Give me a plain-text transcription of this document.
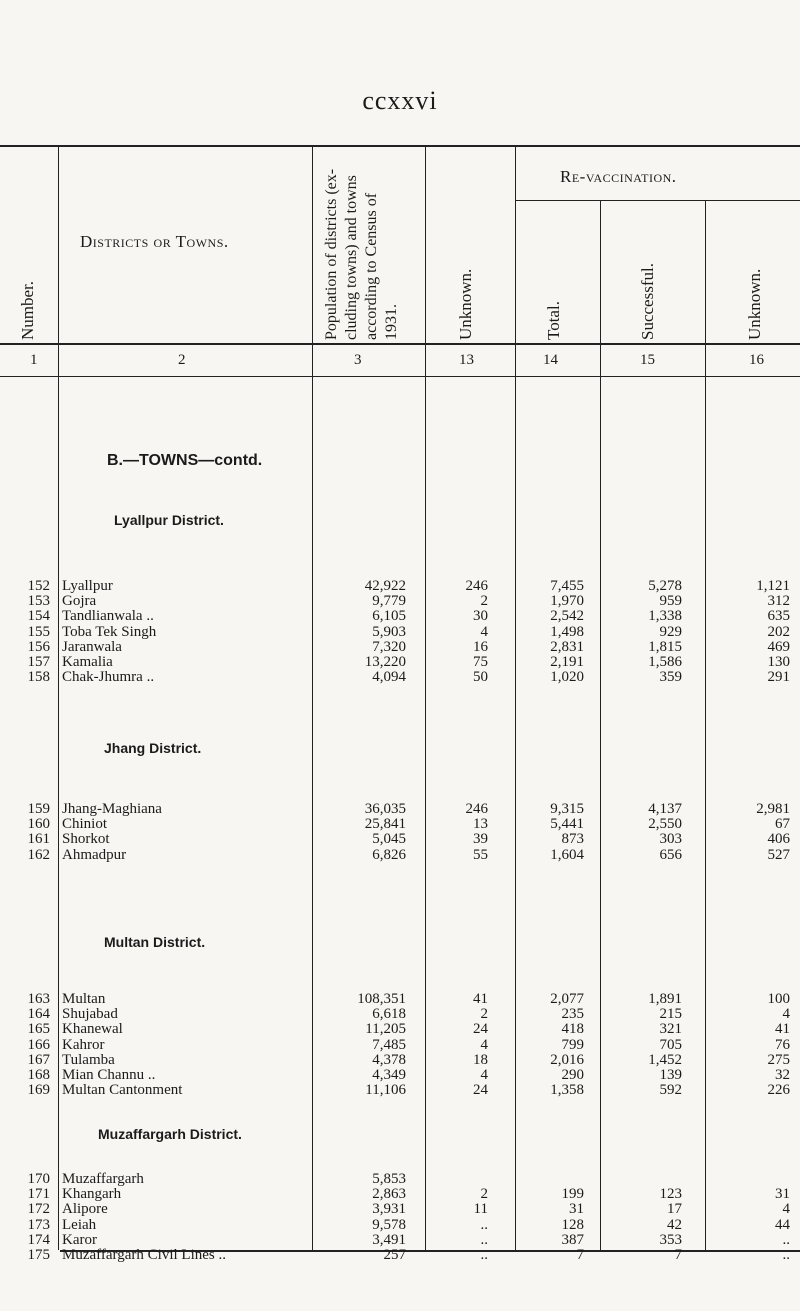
ccxxvi
Number.
Districts or Towns.
Population of districts (ex-
cluding towns) and towns
according to Census of
1931.	Unknown.
Re-vaccination.
Total.	Successful.	Unknown.
1	2	3	13	14	15	16
B.—TOWNS—contd.
Lyallpur District.
152 Lyallpur	42,922	246	7,455	5,278	1,121
153 Gojra	9,779	2	1,970	959	312
154 Tandlianwala ..	6,105	30	2,542	1,338	635
155 Toba Tek Singh	5,903	4	1,498	929	202
156 Jaranwala	7,320	16	2,831	1,815	469
157 Kamalia	13,220	75	2,191	1,586	130
158 Chak-Jhumra ..	4,094	50	1,020	359	291
Jhang District.
159 Jhang-Maghiana	36,035	246	9,315	4,137	2,981
160 Chiniot	25,841	13	5,441	2,550	67
161 Shorkot	5,045	39	873	303	406
162 Ahmadpur	6,826	55	1,604	656	527
Multan District.
163 Multan	108,351	41	2,077	1,891	100
164 Shujabad	6,618	2	235	215	4
165 Khanewal	11,205	24	418	321	41
166 Kahror	7,485	4	799	705	76
167 Tulamba	4,378	18	2,016	1,452	275
168 Mian Channu ..	4,349	4	290	139	32
169 Multan Cantonment	11,106	24	1,358	592	226
Muzaffargarh District.
170 Muzaffargarh	5,853
171 Khangarh	2,863	2	199	123	31
172 Alipore	3,931	11	31	17	4
173 Leiah	9,578	..	128	42	44
174 Karor	3,491	..	387	353	..
175 Muzaffargarh Civil Lines ..	257	..	7	7	..
